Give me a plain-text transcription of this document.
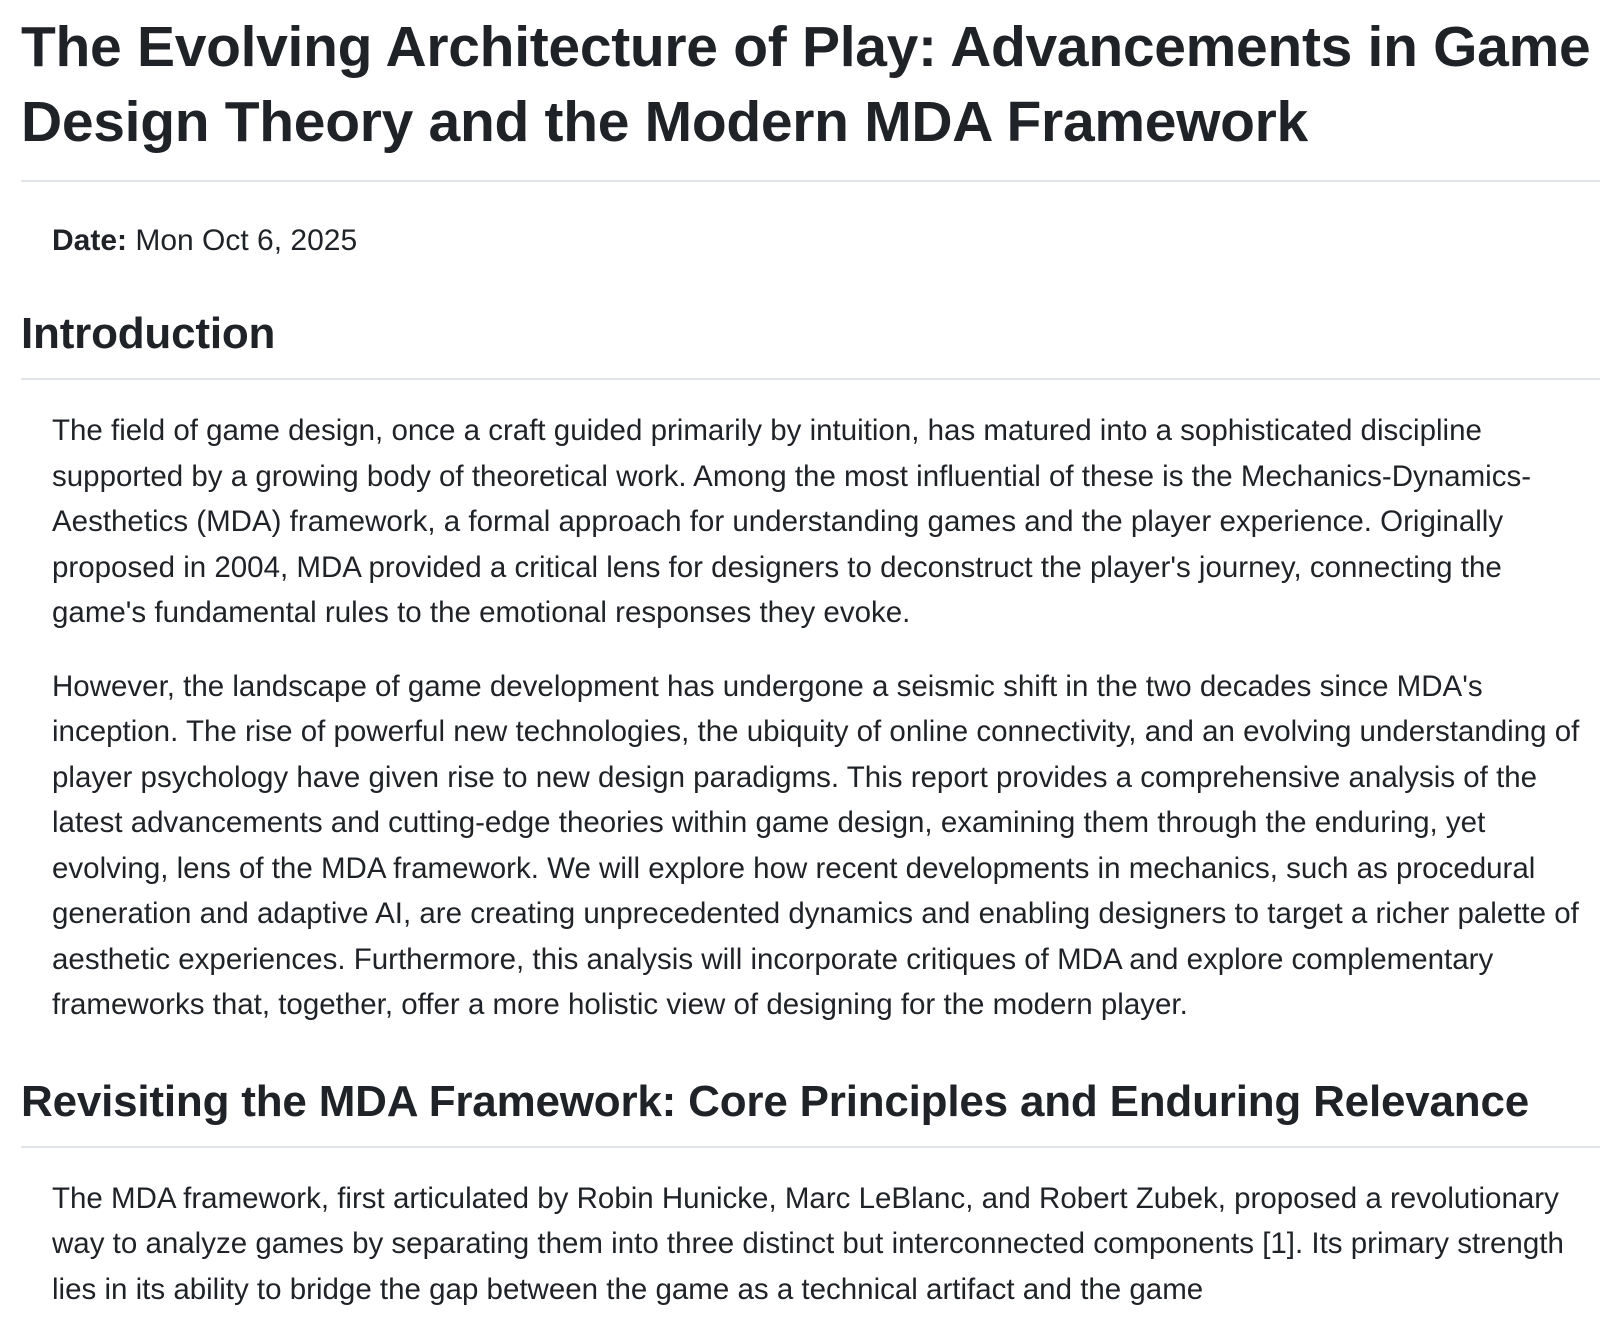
The Evolving Architecture of Play: Advancements in Game Design Theory and the Modern MDA Framework

Date: Mon Oct 6, 2025

Introduction

The field of game design, once a craft guided primarily by intuition, has matured into a sophisticated discipline supported by a growing body of theoretical work. Among the most influential of these is the Mechanics-Dynamics-Aesthetics (MDA) framework, a formal approach for understanding games and the player experience. Originally proposed in 2004, MDA provided a critical lens for designers to deconstruct the player's journey, connecting the game's fundamental rules to the emotional responses they evoke.

However, the landscape of game development has undergone a seismic shift in the two decades since MDA's inception. The rise of powerful new technologies, the ubiquity of online connectivity, and an evolving understanding of player psychology have given rise to new design paradigms. This report provides a comprehensive analysis of the latest advancements and cutting-edge theories within game design, examining them through the enduring, yet evolving, lens of the MDA framework. We will explore how recent developments in mechanics, such as procedural generation and adaptive AI, are creating unprecedented dynamics and enabling designers to target a richer palette of aesthetic experiences. Furthermore, this analysis will incorporate critiques of MDA and explore complementary frameworks that, together, offer a more holistic view of designing for the modern player.

Revisiting the MDA Framework: Core Principles and Enduring Relevance

The MDA framework, first articulated by Robin Hunicke, Marc LeBlanc, and Robert Zubek, proposed a revolutionary way to analyze games by separating them into three distinct but interconnected components [1]. Its primary strength lies in its ability to bridge the gap between the game as a technical artifact and the game
